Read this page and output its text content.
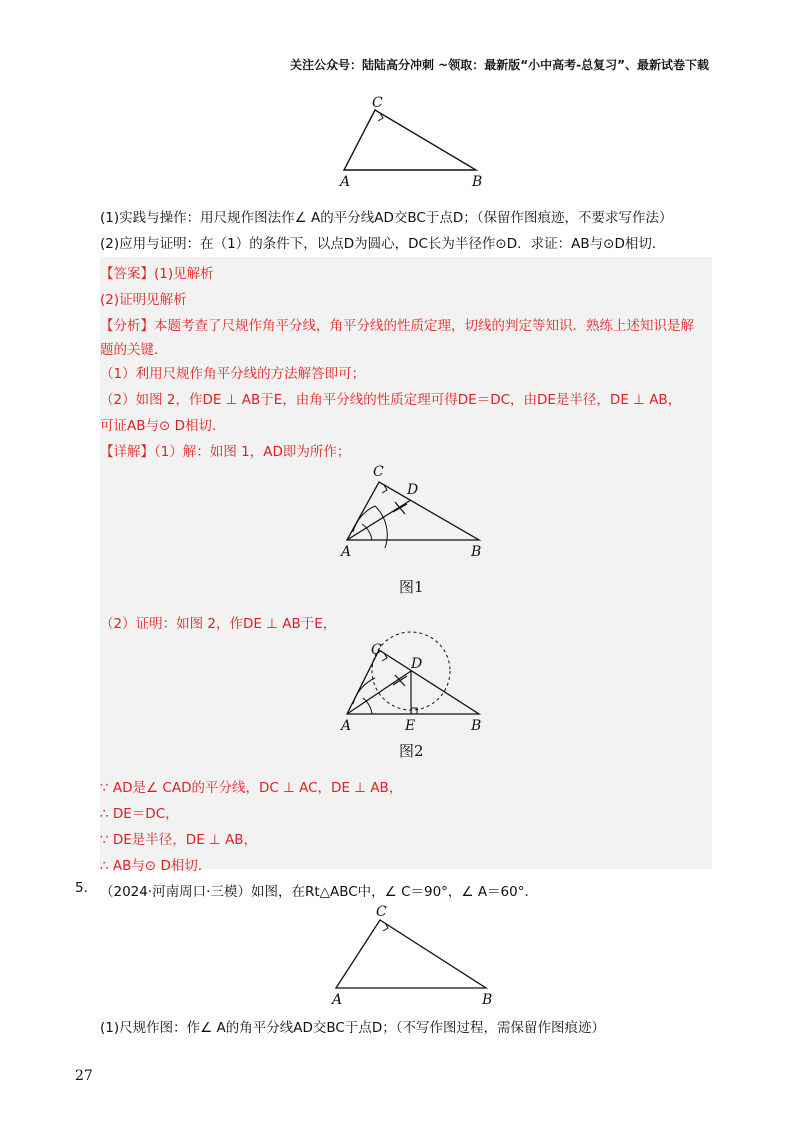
关注公众号：陆陆高分冲刺 ~领取：最新版“小中高考-总复习”、最新试卷下载
C
A	B
(1)实践与操作：用尺规作图法作∠ A的平分线AD交BC于点D；（保留作图痕迹，不要求写作法）
(2)应用与证明：在（1）的条件下，以点D为圆心，DC长为半径作⊙D．求证：AB与⊙D相切．
【答案】(1)见解析
(2)证明见解析
【分析】本题考查了尺规作角平分线，角平分线的性质定理，切线的判定等知识．熟练上述知识是解
题的关键．
（1）利用尺规作角平分线的方法解答即可；
（2）如图 2，作DE ⊥ AB于E，由角平分线的性质定理可得DE＝DC，由DE是半径，DE ⊥ AB，
可证AB与⊙ D相切．
【详解】（1）解：如图 1，AD即为所作；
C
D
A	B
图1
（2）证明：如图 2，作DE ⊥ AB于E，
C
D
A	E	B
图2
∵ AD是∠ CAD的平分线，DC ⊥ AC，DE ⊥ AB，
∴ DE＝DC，
∵ DE是半径，DE ⊥ AB，
∴ AB与⊙ D相切．
5. （2024·河南周口·三模）如图，在Rt△ABC中，∠ C＝90°，∠ A＝60°．
C
A	B
(1)尺规作图：作∠ A的角平分线AD交BC于点D；（不写作图过程，需保留作图痕迹）
27
